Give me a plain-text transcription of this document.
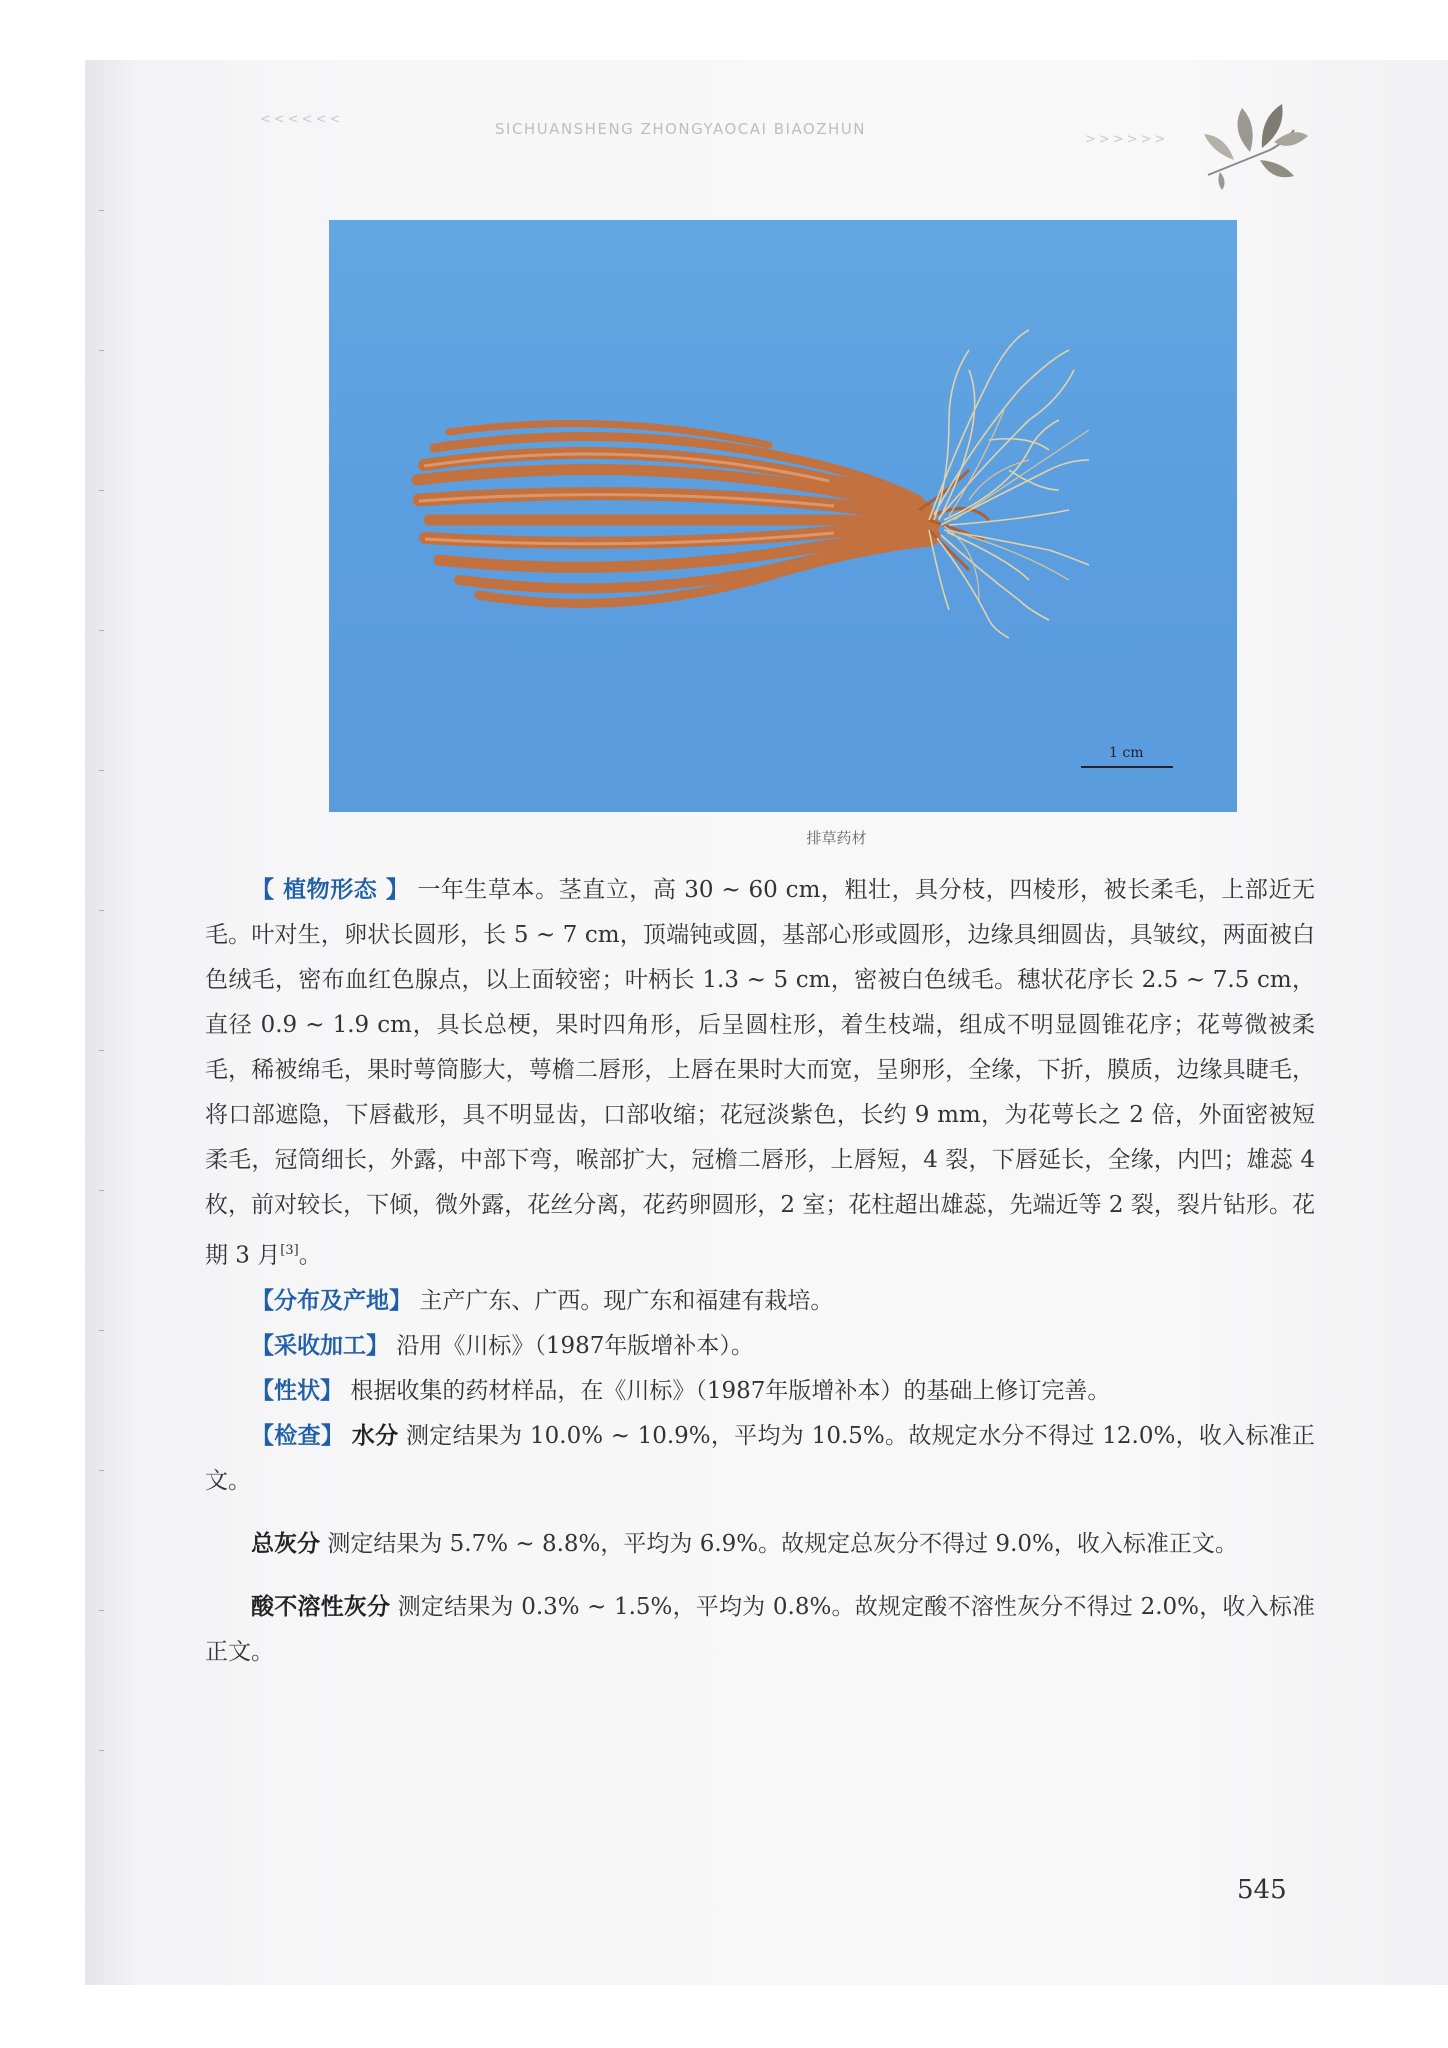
<<<<<<
SICHUANSHENG ZHONGYAOCAI BIAOZHUN
>>>>>>
1 cm
排草药材

【 植物形态 】 一年生草本。茎直立，高 30 ~ 60 cm，粗壮，具分枝，四棱形，被长柔毛，上部近无毛。叶对生，卵状长圆形，长 5 ~ 7 cm，顶端钝或圆，基部心形或圆形，边缘具细圆齿，具皱纹，两面被白色绒毛，密布血红色腺点，以上面较密；叶柄长 1.3 ~ 5 cm，密被白色绒毛。穗状花序长 2.5 ~ 7.5 cm，直径 0.9 ~ 1.9 cm，具长总梗，果时四角形，后呈圆柱形，着生枝端，组成不明显圆锥花序；花萼微被柔毛，稀被绵毛，果时萼筒膨大，萼檐二唇形，上唇在果时大而宽，呈卵形，全缘，下折，膜质，边缘具睫毛，将口部遮隐，下唇截形，具不明显齿，口部收缩；花冠淡紫色，长约 9 mm，为花萼长之 2 倍，外面密被短柔毛，冠筒细长，外露，中部下弯，喉部扩大，冠檐二唇形，上唇短，4 裂，下唇延长，全缘，内凹；雄蕊 4 枚，前对较长，下倾，微外露，花丝分离，花药卵圆形，2 室；花柱超出雄蕊，先端近等 2 裂，裂片钻形。花期 3 月[3]。

【分布及产地】 主产广东、广西。现广东和福建有栽培。

【采收加工】 沿用《川标》（1987年版增补本）。

【性状】 根据收集的药材样品，在《川标》（1987年版增补本）的基础上修订完善。

【检查】 水分 测定结果为 10.0% ~ 10.9%，平均为 10.5%。故规定水分不得过 12.0%，收入标准正文。

总灰分 测定结果为 5.7% ~ 8.8%，平均为 6.9%。故规定总灰分不得过 9.0%，收入标准正文。

酸不溶性灰分 测定结果为 0.3% ~ 1.5%，平均为 0.8%。故规定酸不溶性灰分不得过 2.0%，收入标准正文。

545
